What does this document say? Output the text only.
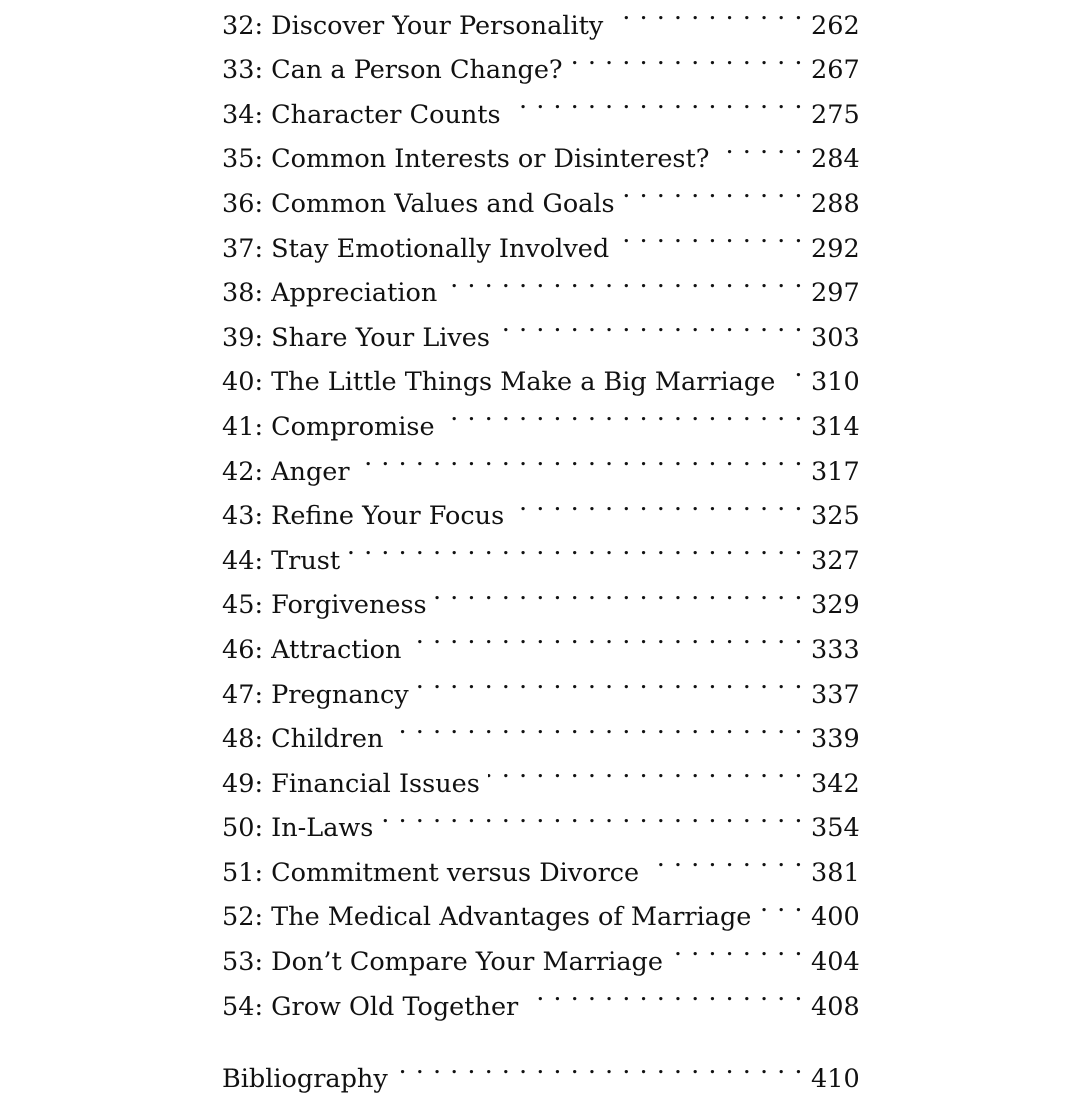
32: Discover Your Personality . . .	262
33: Can a Person Change? . . .	267
34: Character Counts . . .	275
35: Common Interests or Disinterest? . . .	284
36: Common Values and Goals . . .	288
37: Stay Emotionally Involved . . .	292
38: Appreciation . . .	297
39: Share Your Lives . . .	303
40: The Little Things Make a Big Marriage . . .	310
41: Compromise . . .	314
42: Anger . . .	317
43: Refine Your Focus . . .	325
44: Trust . . .	327
45: Forgiveness . . .	329
46: Attraction . . .	333
47: Pregnancy . . .	337
48: Children . . .	339
49: Financial Issues . . .	342
50: In-Laws . . .	354
51: Commitment versus Divorce . . .	381
52: The Medical Advantages of Marriage . . .	400
53: Don’t Compare Your Marriage . . .	404
54: Grow Old Together . . .	408
Bibliography . . .	410
